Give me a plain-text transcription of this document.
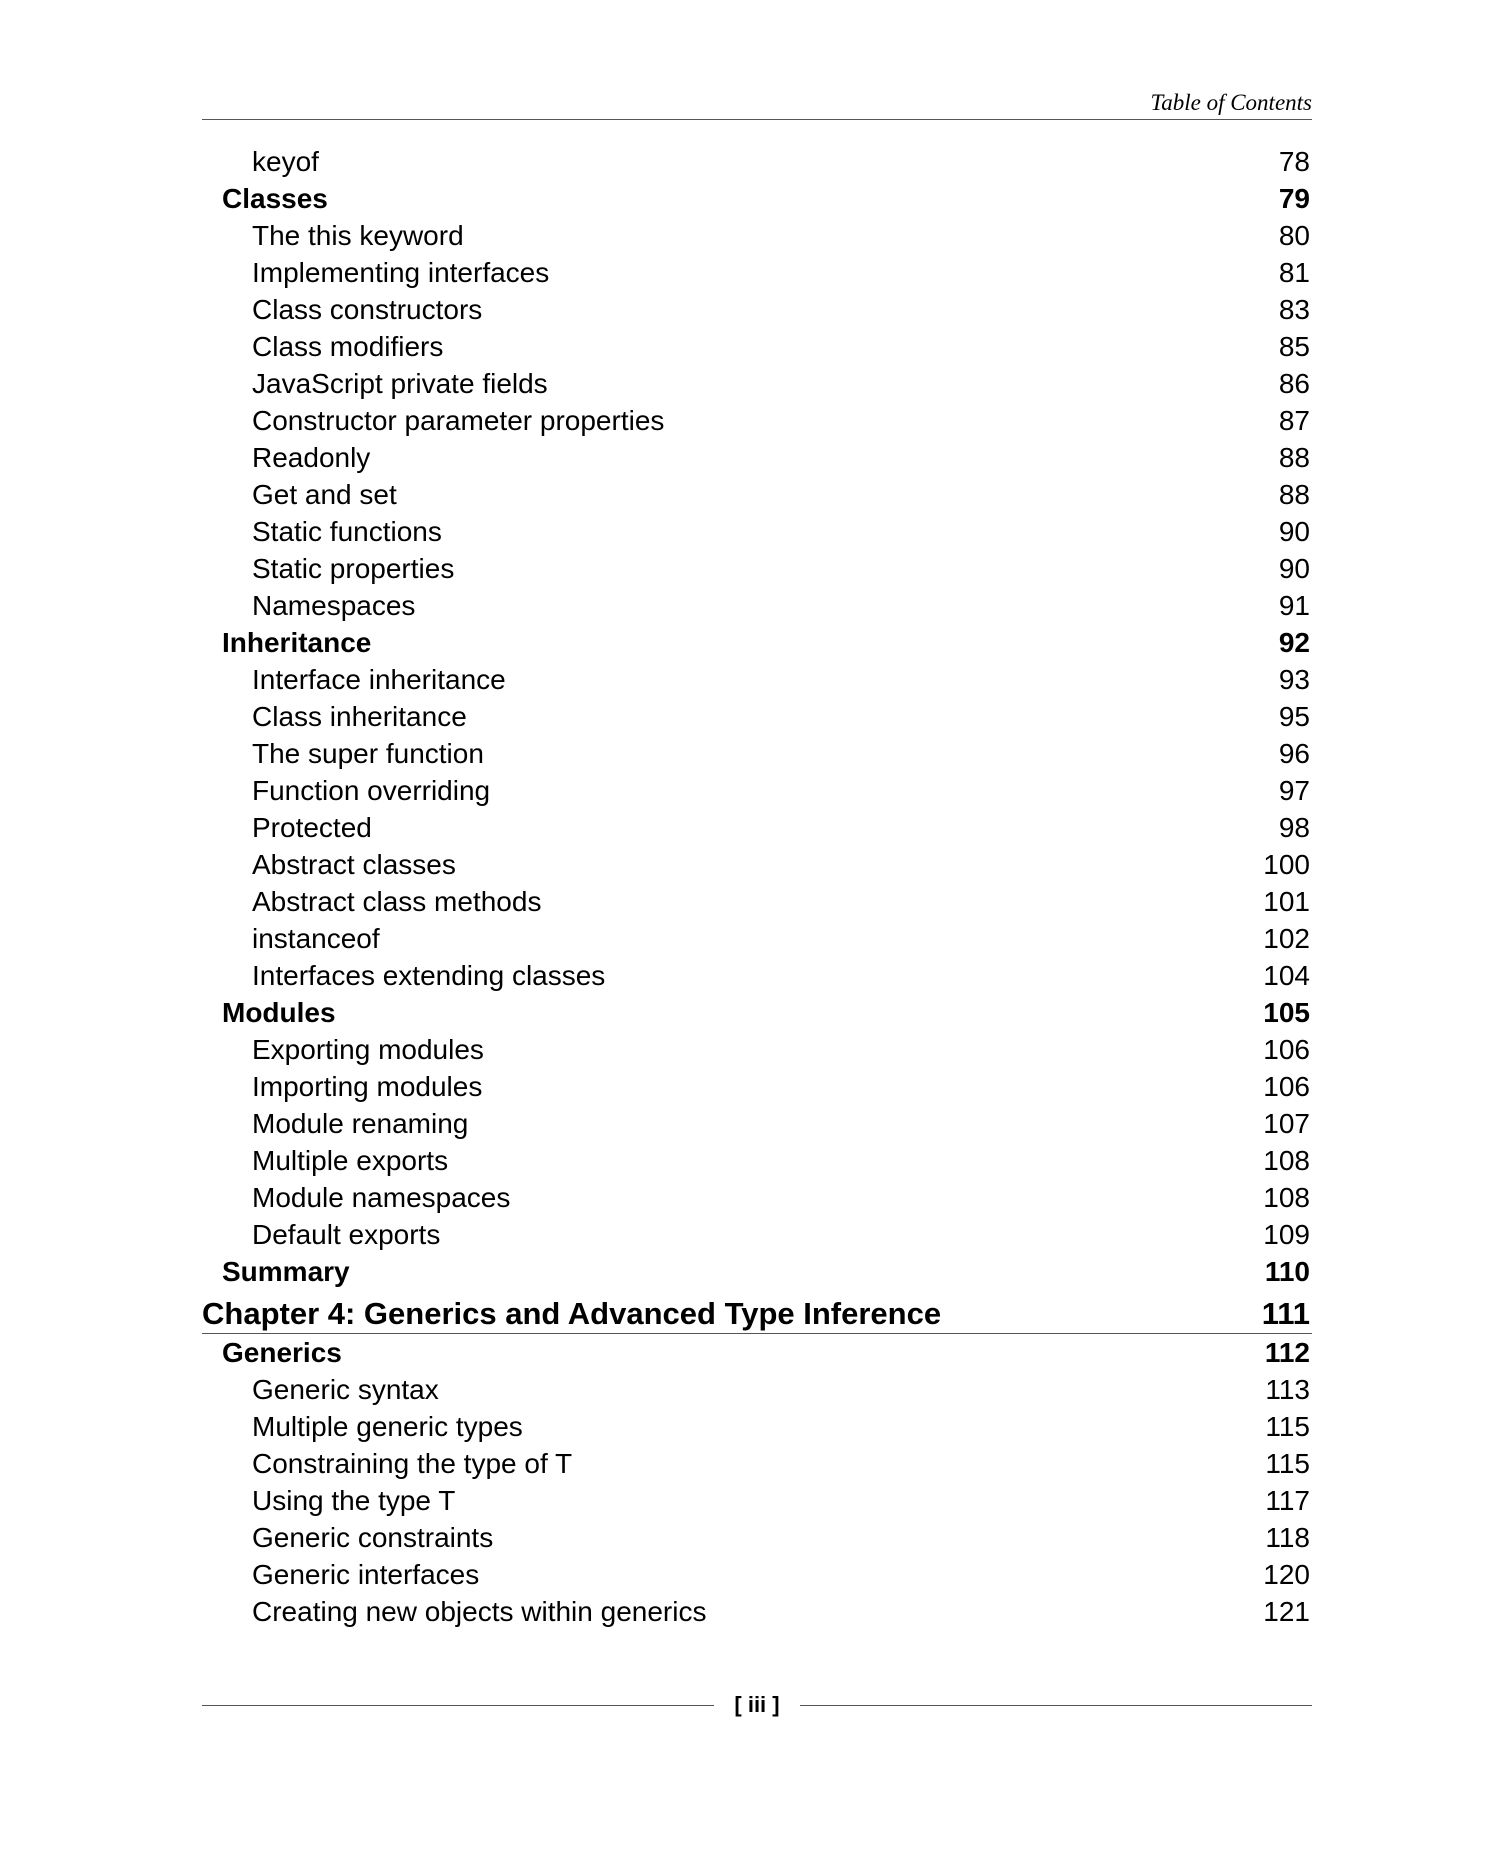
Table of Contents
keyof	78
Classes	79
The this keyword	80
Implementing interfaces	81
Class constructors	83
Class modifiers	85
JavaScript private fields	86
Constructor parameter properties	87
Readonly	88
Get and set	88
Static functions	90
Static properties	90
Namespaces	91
Inheritance	92
Interface inheritance	93
Class inheritance	95
The super function	96
Function overriding	97
Protected	98
Abstract classes	100
Abstract class methods	101
instanceof	102
Interfaces extending classes	104
Modules	105
Exporting modules	106
Importing modules	106
Module renaming	107
Multiple exports	108
Module namespaces	108
Default exports	109
Summary	110
Chapter 4: Generics and Advanced Type Inference	111
Generics	112
Generic syntax	113
Multiple generic types	115
Constraining the type of T	115
Using the type T	117
Generic constraints	118
Generic interfaces	120
Creating new objects within generics	121
[ iii ]
